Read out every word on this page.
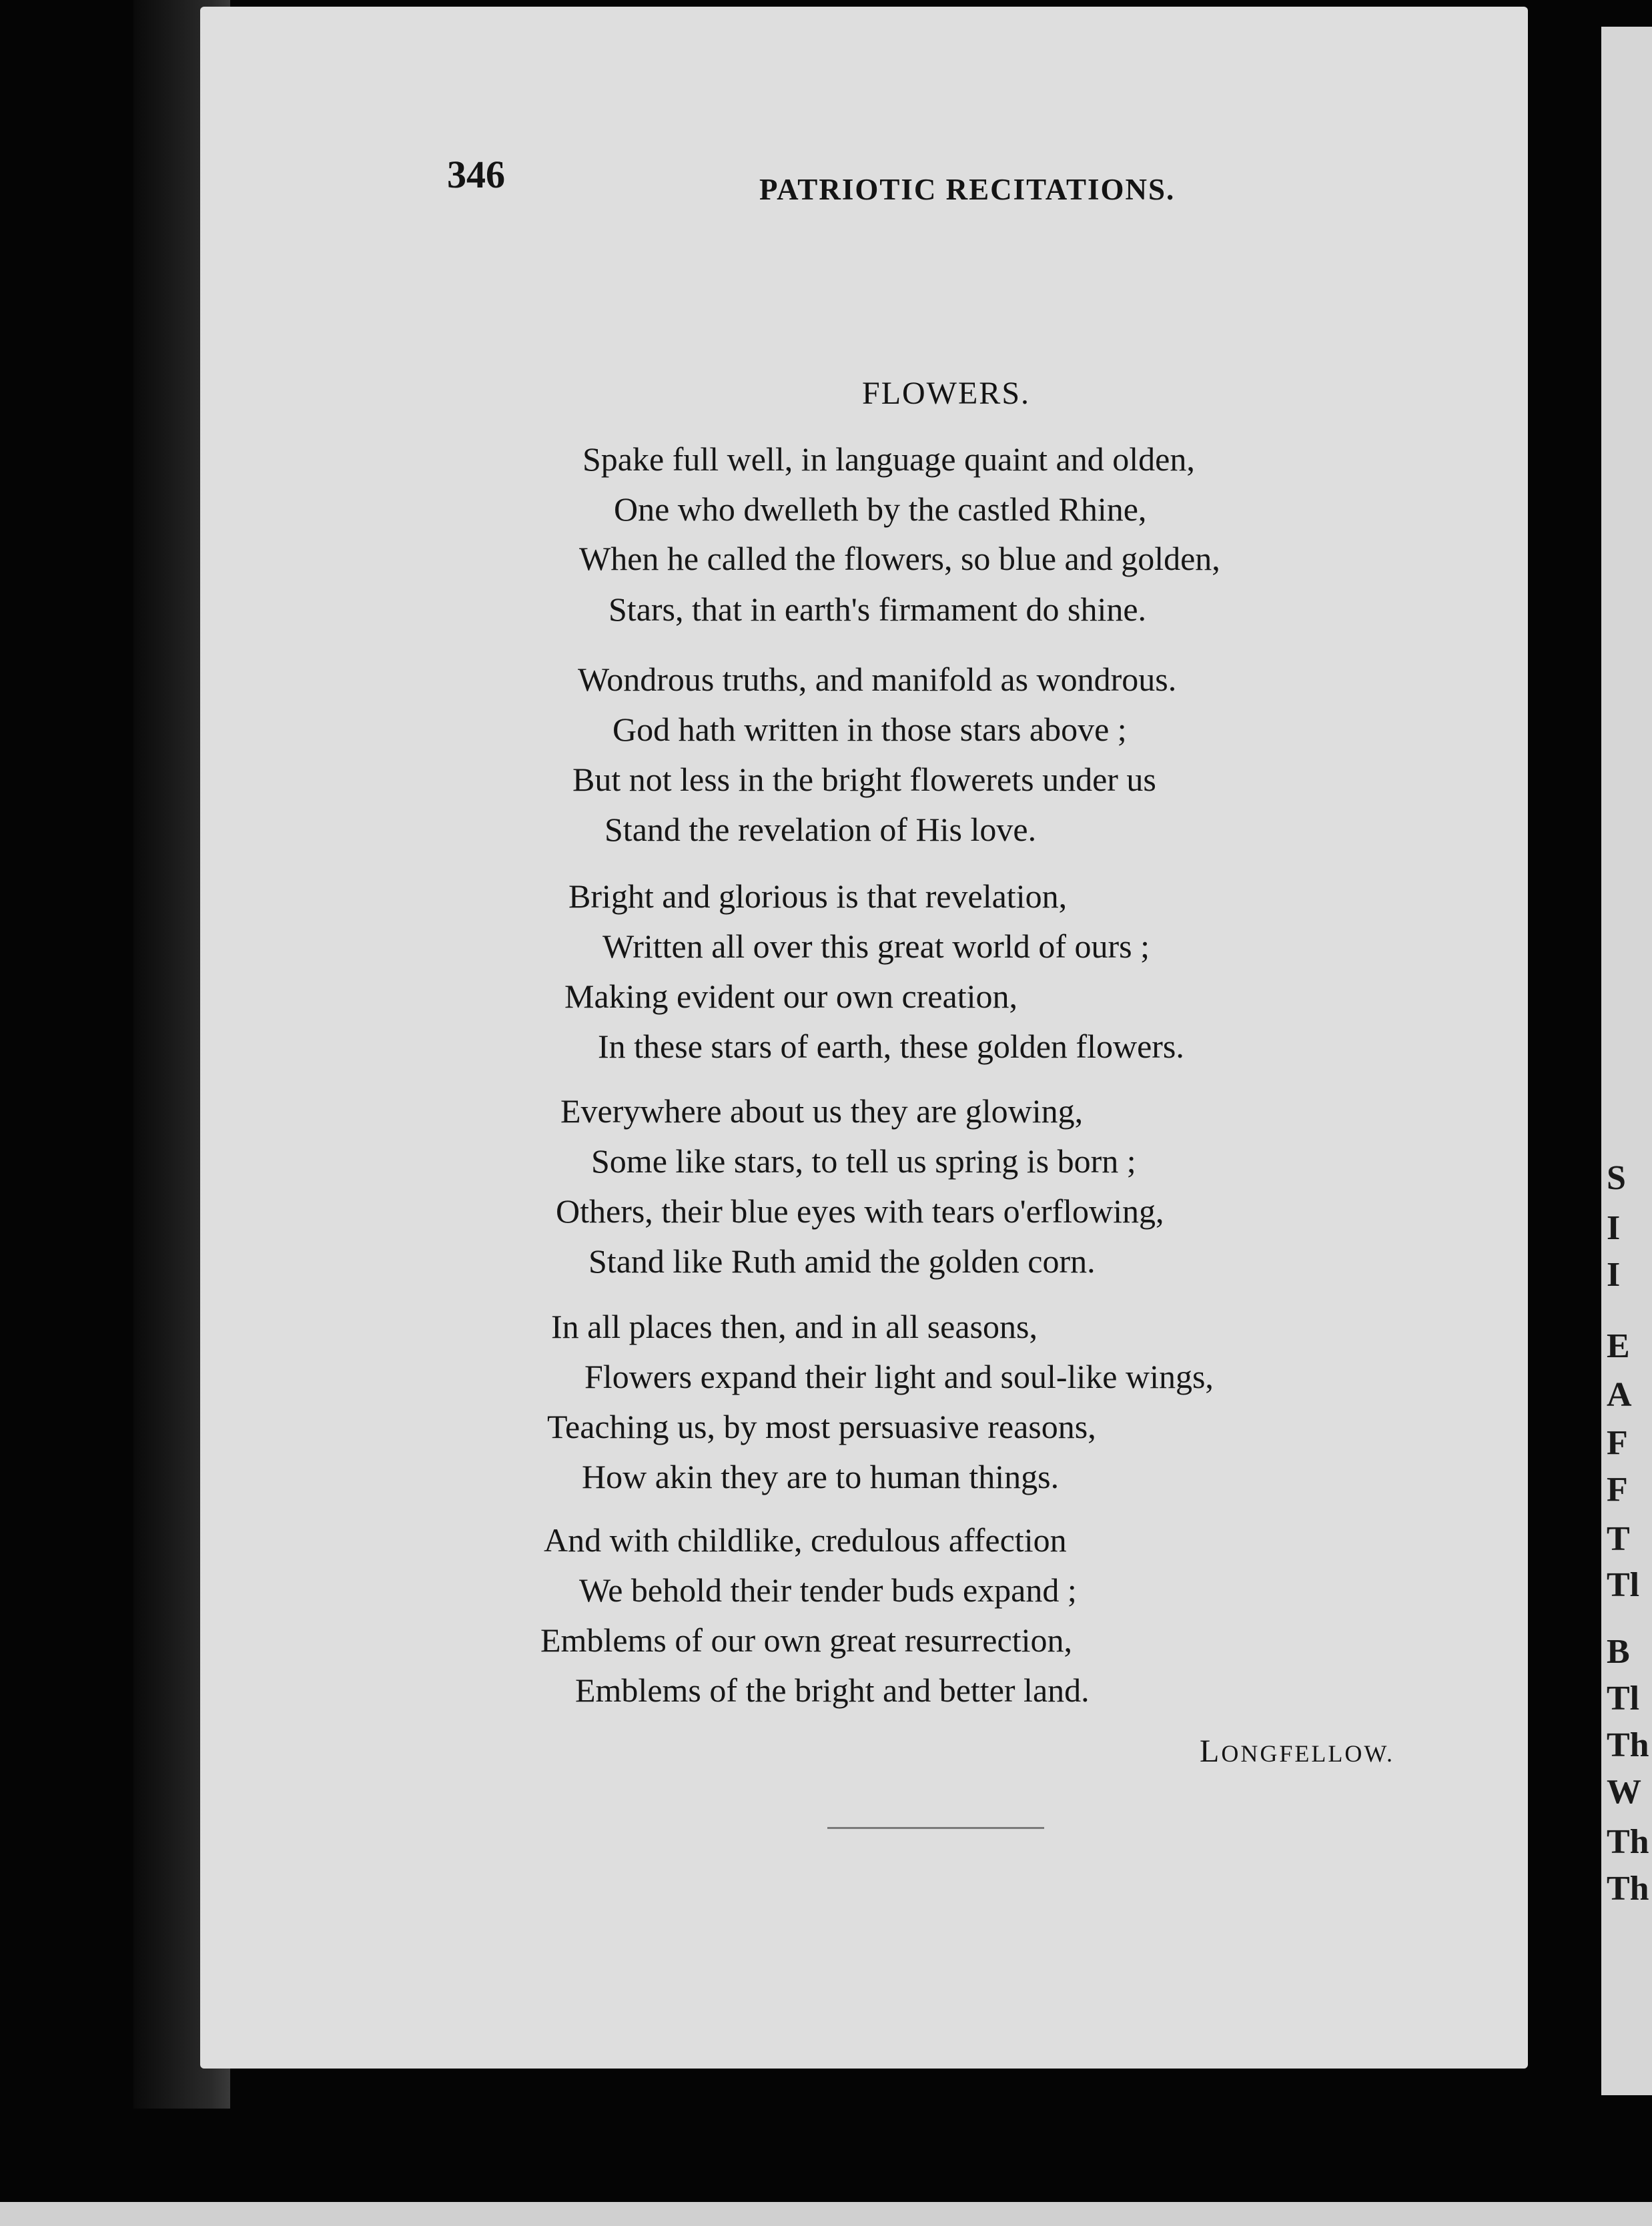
S
I
I
E
A
F
F
T
Tl
B
Tl
Th
W
Th
Th
346	PATRIOTIC RECITATIONS.
FLOWERS.
Spake full well, in language quaint and olden,
One who dwelleth by the castled Rhine,
When he called the flowers, so blue and golden,
Stars, that in earth's firmament do shine.
Wondrous truths, and manifold as wondrous.
God hath written in those stars above ;
But not less in the bright flowerets under us
Stand the revelation of His love.
Bright and glorious is that revelation,
Written all over this great world of ours ;
Making evident our own creation,
In these stars of earth, these golden flowers.
Everywhere about us they are glowing,
Some like stars, to tell us spring is born ;
Others, their blue eyes with tears o'erflowing,
Stand like Ruth amid the golden corn.
In all places then, and in all seasons,
Flowers expand their light and soul-like wings,
Teaching us, by most persuasive reasons,
How akin they are to human things.
And with childlike, credulous affection
We behold their tender buds expand ;
Emblems of our own great resurrection,
Emblems of the bright and better land.
LONGFELLOW.
